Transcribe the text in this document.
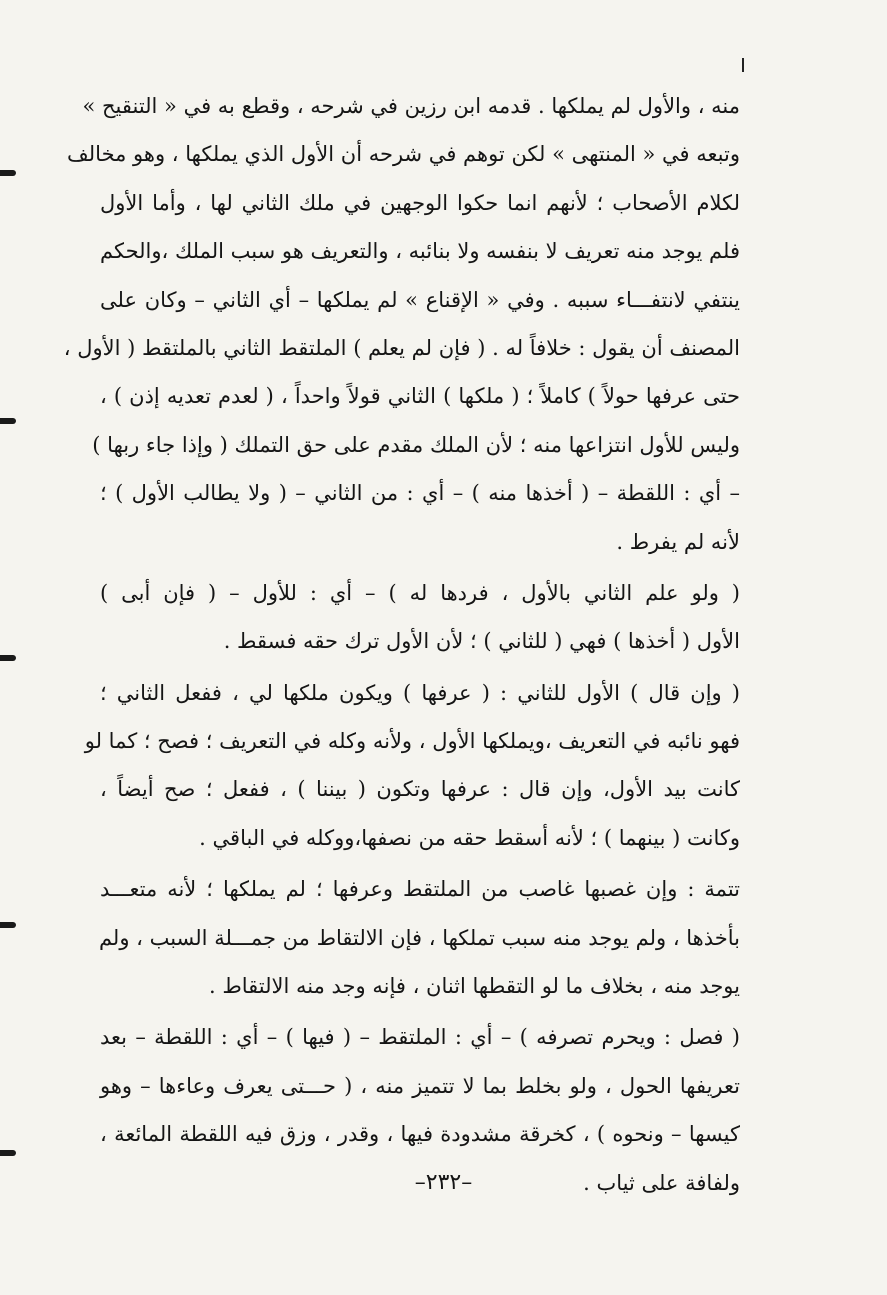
منه ، والأول لم يملكها . قدمه ابن رزين في شرحه ، وقطع به في « التنقيح »
وتبعه في « المنتهى » لكن توهم في شرحه أن الأول الذي يملكها ، وهو مخالف
لكلام الأصحاب ؛ لأنهم انما حكوا الوجهين في ملك الثاني لها ، وأما الأول
فلم يوجد منه تعريف لا بنفسه ولا بنائبه ، والتعريف هو سبب الملك ،والحكم
ينتفي لانتفـــاء سببه . وفي « الإقناع » لم يملكها – أي الثاني – وكان على
المصنف أن يقول : خلافاً له . ( فإن لم يعلم ) الملتقط الثاني بالملتقط ( الأول ،
حتى عرفها حولاً ) كاملاً ؛ ( ملكها ) الثاني قولاً واحداً ، ( لعدم تعديه إذن ) ،
وليس للأول انتزاعها منه ؛ لأن الملك مقدم على حق التملك ( وإذا جاء ربها )
– أي : اللقطة – ( أخذها منه ) – أي : من الثاني – ( ولا يطالب الأول ) ؛
لأنه لم يفرط .
( ولو علم الثاني بالأول ، فردها له ) – أي : للأول – ( فإن أبى )
الأول ( أخذها ) فهي ( للثاني ) ؛ لأن الأول ترك حقه فسقط .
( وإن قال ) الأول للثاني : ( عرفها ) ويكون ملكها لي ، ففعل الثاني ؛
فهو نائبه في التعريف ،ويملكها الأول ، ولأنه وكله في التعريف ؛ فصح ؛ كما لو
كانت بيد الأول، وإن قال : عرفها وتكون ( بيننا ) ، ففعل ؛ صح أيضاً ،
وكانت ( بينهما ) ؛ لأنه أسقط حقه من نصفها،ووكله في الباقي .
تتمة : وإن غصبها غاصب من الملتقط وعرفها ؛ لم يملكها ؛ لأنه متعـــد
بأخذها ، ولم يوجد منه سبب تملكها ، فإن الالتقاط من جمـــلة السبب ، ولم
يوجد منه ، بخلاف ما لو التقطها اثنان ، فإنه وجد منه الالتقاط .
( فصل : ويحرم تصرفه ) – أي : الملتقط – ( فيها ) – أي : اللقطة – بعد
تعريفها الحول ، ولو بخلط بما لا تتميز منه ، ( حـــتى يعرف وعاءها – وهو
كيسها – ونحوه ) ، كخرقة مشدودة فيها ، وقدر ، وزق فيه اللقطة المائعة ،
ولفافة على ثياب .
–٢٣٢–
